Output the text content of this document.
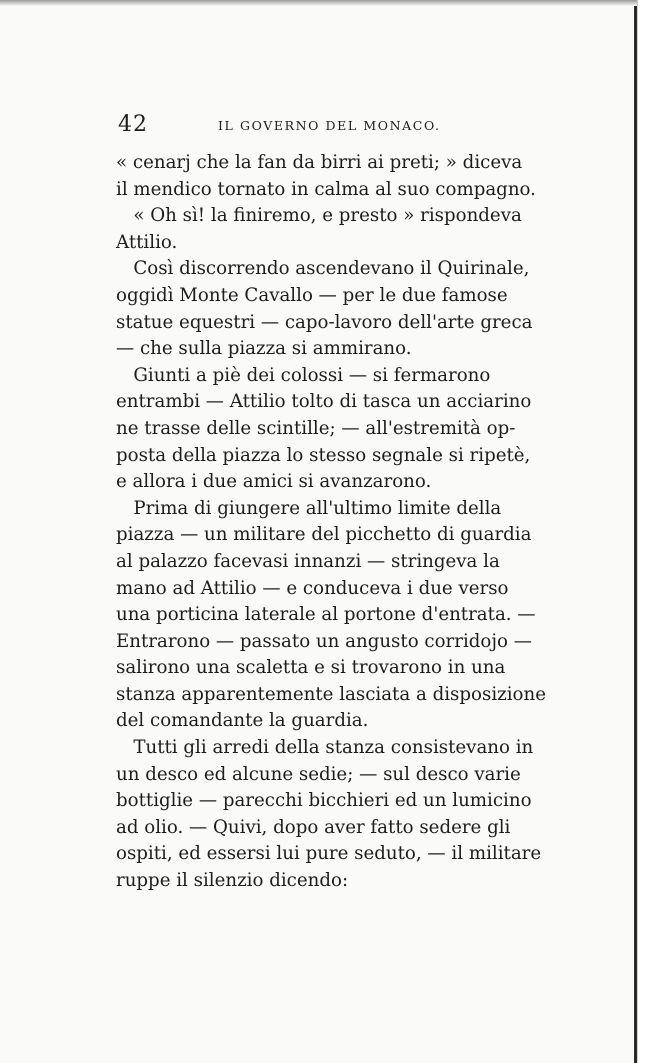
42	IL GOVERNO DEL MONACO.
« cenarj che la fan da birri ai preti; » diceva
il mendico tornato in calma al suo compagno.
« Oh sì! la finiremo, e presto » rispondeva
Attilio.
Così discorrendo ascendevano il Quirinale,
oggidì Monte Cavallo — per le due famose
statue equestri — capo-lavoro dell'arte greca
— che sulla piazza si ammirano.
Giunti a piè dei colossi — si fermarono
entrambi — Attilio tolto di tasca un acciarino
ne trasse delle scintille; — all'estremità op-
posta della piazza lo stesso segnale si ripetè,
e allora i due amici si avanzarono.
Prima di giungere all'ultimo limite della
piazza — un militare del picchetto di guardia
al palazzo facevasi innanzi — stringeva la
mano ad Attilio — e conduceva i due verso
una porticina laterale al portone d'entrata. —
Entrarono — passato un angusto corridojo —
salirono una scaletta e si trovarono in una
stanza apparentemente lasciata a disposizione
del comandante la guardia.
Tutti gli arredi della stanza consistevano in
un desco ed alcune sedie; — sul desco varie
bottiglie — parecchi bicchieri ed un lumicino
ad olio. — Quivi, dopo aver fatto sedere gli
ospiti, ed essersi lui pure seduto, — il militare
ruppe il silenzio dicendo:
